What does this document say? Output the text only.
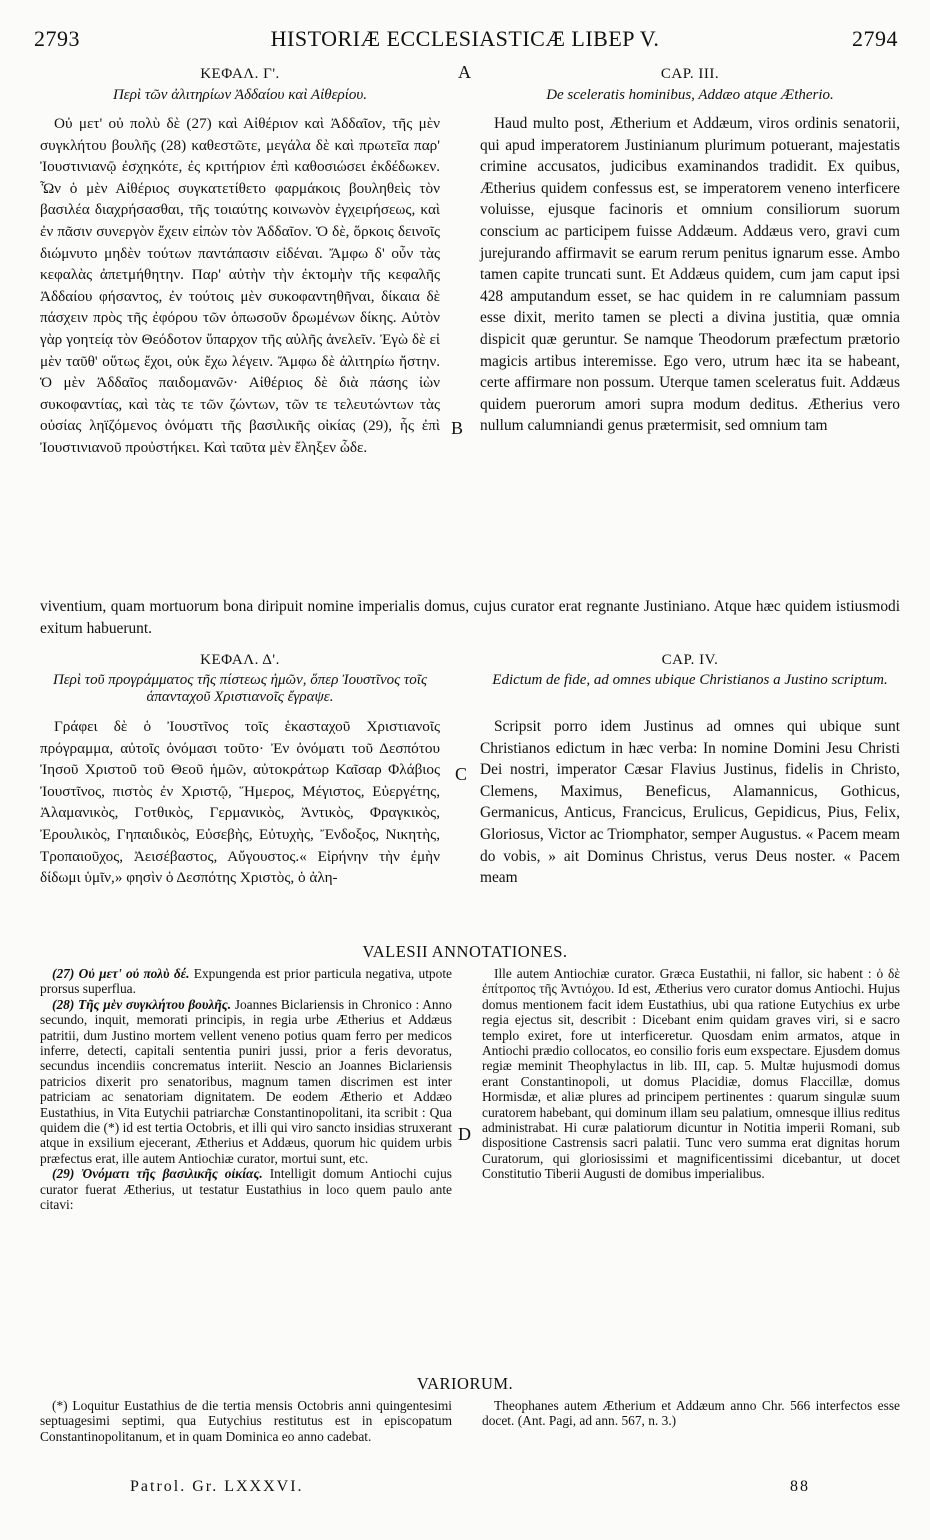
2793	HISTORIÆ ECCLESIASTICÆ LIBEP V.	2794
ΚΕΦΑΛ. Γ'.	A	CAP. III.
Περὶ τῶν ἀλιτηρίων Ἀδδαίου καὶ Αἰθερίου.	De sceleratis hominibus, Addæo atque Ætherio.

Οὐ μετ' οὐ πολὺ δὲ (27) καὶ Αἰθέριον καὶ Ἀδδαῖον, τῆς μὲν συγκλήτου βουλῆς (28) καθεστῶτε, μεγάλα δὲ καὶ πρωτεῖα παρ' Ἰουστινιανῷ ἐσχηκότε, ἐς κριτήριον ἐπὶ καθοσιώσει ἐκδέδωκεν. Ὧν ὁ μὲν Αἰθέριος συγκατετίθετο φαρμάκοις βουληθεὶς τὸν βασιλέα διαχρήσασθαι, τῆς τοιαύτης κοινωνὸν ἐγχειρήσεως, καὶ ἐν πᾶσιν συνεργὸν ἔχειν εἰπὼν τὸν Ἀδδαῖον. Ὁ δὲ, ὅρκοις δεινοῖς διώμνυτο μηδὲν τούτων παντάπασιν εἰδέναι. Ἄμφω δ' οὖν τὰς κεφαλὰς ἀπετμήθητην. Παρ' αὐτὴν τὴν ἐκτομὴν τῆς κεφαλῆς Ἀδδαίου φήσαντος, ἐν τούτοις μὲν συκοφαντηθῆναι, δίκαια δὲ πάσχειν πρὸς τῆς ἐφόρου τῶν ὁπωσοῦν δρωμένων δίκης. Αὐτὸν γὰρ γοητείᾳ τὸν Θεόδοτον ὕπαρχον τῆς αὐλῆς ἀνελεῖν. Ἐγὼ δὲ εἰ μὲν ταῦθ' οὕτως ἔχοι, οὐκ ἔχω λέγειν. Ἄμφω δὲ ἀλιτηρίω ἤστην. Ὁ μὲν Ἀδδαῖος παιδομανῶν· Αἰθέριος δὲ διὰ πάσης ἰὼν συκοφαντίας, καὶ τὰς τε τῶν ζώντων, τῶν τε τελευτώντων τὰς οὐσίας ληϊζόμενος ὀνόματι τῆς βασιλικῆς οἰκίας (29), ἧς ἐπὶ Ἰουστινιανοῦ προὐστήκει. Καὶ ταῦτα μὲν ἔληξεν ὧδε.

B

Haud multo post, Ætherium et Addæum, viros ordinis senatorii, qui apud imperatorem Justinianum plurimum potuerant, majestatis crimine accusatos, judicibus examinandos tradidit. Ex quibus, Ætherius quidem confessus est, se imperatorem veneno interficere voluisse, ejusque facinoris et omnium consiliorum suorum conscium ac participem fuisse Addæum. Addæus vero, gravi cum jurejurando affirmavit se earum rerum penitus ignarum esse. Ambo tamen capite truncati sunt. Et Addæus quidem, cum jam caput ipsi 428 amputandum esset, se hac quidem in re calumniam passum esse dixit, merito tamen se plecti a divina justitia, quæ omnia dispicit quæ geruntur. Se namque Theodorum præfectum prætorio magicis artibus interemisse. Ego vero, utrum hæc ita se habeant, certe affirmare non possum. Uterque tamen sceleratus fuit. Addæus quidem puerorum amori supra modum deditus. Ætherius vero nullum calumniandi genus prætermisit, sed omnium tam

viventium, quam mortuorum bona diripuit nomine imperialis domus, cujus curator erat regnante Justiniano. Atque hæc quidem istiusmodi exitum habuerunt.
ΚΕΦΑΛ. Δ'.	CAP. IV.
Περὶ τοῦ προγράμματος τῆς πίστεως ἡμῶν, ὅπερ Ἰουστῖνος τοῖς ἁπανταχοῦ Χριστιανοῖς ἔγραψε.
Edictum de fide, ad omnes ubique Christianos a Justino scriptum.

Γράφει δὲ ὁ Ἰουστῖνος τοῖς ἑκασταχοῦ Χριστιανοῖς πρόγραμμα, αὐτοῖς ὀνόμασι τοῦτο· Ἐν ὀνόματι τοῦ Δεσπότου Ἰησοῦ Χριστοῦ τοῦ Θεοῦ ἡμῶν, αὐτοκράτωρ Καῖσαρ Φλάβιος Ἰουστῖνος, πιστὸς ἐν Χριστῷ, Ἥμερος, Μέγιστος, Εὐεργέτης, Ἀλαμανικὸς, Γοτθικὸς, Γερμανικὸς, Ἀντικὸς, Φραγκικὸς, Ἐρουλικὸς, Γηπαιδικὸς, Εὐσεβὴς, Εὐτυχὴς, Ἔνδοξος, Νικητὴς, Τροπαιοῦχος, Ἀεισέβαστος, Αὔγουστος.« Εἰρήνην τὴν ἐμὴν δίδωμι ὑμῖν,» φησὶν ὁ Δεσπότης Χριστὸς, ὁ ἀλη-

C

Scripsit porro idem Justinus ad omnes qui ubique sunt Christianos edictum in hæc verba: In nomine Domini Jesu Christi Dei nostri, imperator Cæsar Flavius Justinus, fidelis in Christo, Clemens, Maximus, Beneficus, Alamannicus, Gothicus, Germanicus, Anticus, Francicus, Erulicus, Gepidicus, Pius, Felix, Gloriosus, Victor ac Triomphator, semper Augustus. « Pacem meam do vobis, » ait Dominus Christus, verus Deus noster. « Pacem meam

VALESII ANNOTATIONES.

(27) Οὐ μετ' οὐ πολὺ δέ. Expungenda est prior particula negativa, utpote prorsus superflua.

(28) Τῆς μὲν συγκλήτου βουλῆς. Joannes Biclariensis in Chronico : Anno secundo, inquit, memorati principis, in regia urbe Ætherius et Addæus patritii, dum Justino mortem vellent veneno potius quam ferro per medicos inferre, detecti, capitali sententia puniri jussi, prior a feris devoratus, secundus incendiis concrematus interiit. Nescio an Joannes Biclariensis patricios dixerit pro senatoribus, magnum tamen discrimen est inter patriciam ac senatoriam dignitatem. De eodem Ætherio et Addæo Eustathius, in Vita Eutychii patriarchæ Constantinopolitani, ita scribit : Qua quidem die (*) id est tertia Octobris, et illi qui viro sancto insidias struxerant atque in exsilium ejecerant, Ætherius et Addæus, quorum hic quidem urbis præfectus erat, ille autem Antiochiæ curator, mortui sunt, etc.

(29) Ὀνόματι τῆς βασιλικῆς οἰκίας. Intelligit domum Antiochi cujus curator fuerat Ætherius, ut testatur Eustathius in loco quem paulo ante citavi:

D

Ille autem Antiochiæ curator. Græca Eustathii, ni fallor, sic habent : ὁ δὲ ἐπίτροπος τῆς Ἀντιόχου. Id est, Ætherius vero curator domus Antiochi. Hujus domus mentionem facit idem Eustathius, ubi qua ratione Eutychius ex urbe regia ejectus sit, describit : Dicebant enim quidam graves viri, si e sacro templo exiret, fore ut interficeretur. Quosdam enim armatos, atque in Antiochi prædio collocatos, eo consilio foris eum exspectare. Ejusdem domus regiæ meminit Theophylactus in lib. III, cap. 5. Multæ hujusmodi domus erant Constantinopoli, ut domus Placidiæ, domus Flaccillæ, domus Hormisdæ, et aliæ plures ad principem pertinentes : quarum singulæ suum curatorem habebant, qui dominum illam seu palatium, omnesque illius reditus administrabat. Hi curæ palatiorum dicuntur in Notitia imperii Romani, sub dispositione Castrensis sacri palatii. Tunc vero summa erat dignitas horum Curatorum, qui gloriosissimi et magnificentissimi dicebantur, ut docet Constitutio Tiberii Augusti de domibus imperialibus.

VARIORUM.

(*) Loquitur Eustathius de die tertia mensis Octobris anni quingentesimi septuagesimi septimi, qua Eutychius restitutus est in episcopatum Constantinopolitanum, et in quam Dominica eo anno cadebat.

Theophanes autem Ætherium et Addæum anno Chr. 566 interfectos esse docet. (Ant. Pagi, ad ann. 567, n. 3.)

Patrol. Gr. LXXXVI.	88
